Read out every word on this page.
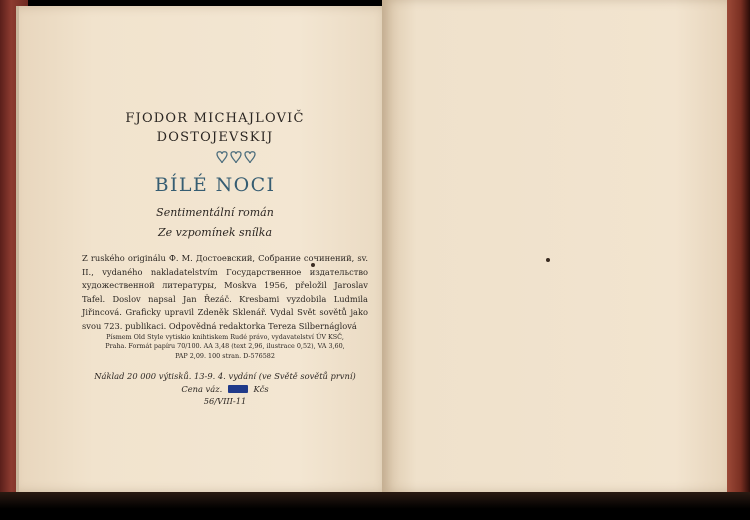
FJODOR MICHAJLOVIČ
DOSTOJEVSKIJ
BÍLÉ NOCI
Sentimentální román
Ze vzpomínek snílka
Z ruského originálu Ф. М. Достоевский, Собрание сочинений, sv. II., vydaného nakladatelstvím Государственное издательство художественной литературы, Moskva 1956, přeložil Jaroslav Tafel. Doslov napsal Jan Řezáč. Kresbami vyzdobila Ludmila Jiřincová. Graficky upravil Zdeněk Sklenář. Vydal Svět sovětů jako svou 723. publikaci. Odpovědná redaktorka Tereza Silbernáglová
Písmem Old Style vytiskio knihtiskem Rudé právo, vydavatelství ÚV KSČ,
Praha. Formát papíru 70/100. AA 3,48 (text 2,96, ilustrace 0,52), VA 3,60,
PAP 2,09. 100 stran. D-576582
Náklad 20 000 výtisků. 13-9. 4. vydání (ve Světě sovětů první)
Cena váz.	Kčs
56/VIII-11
